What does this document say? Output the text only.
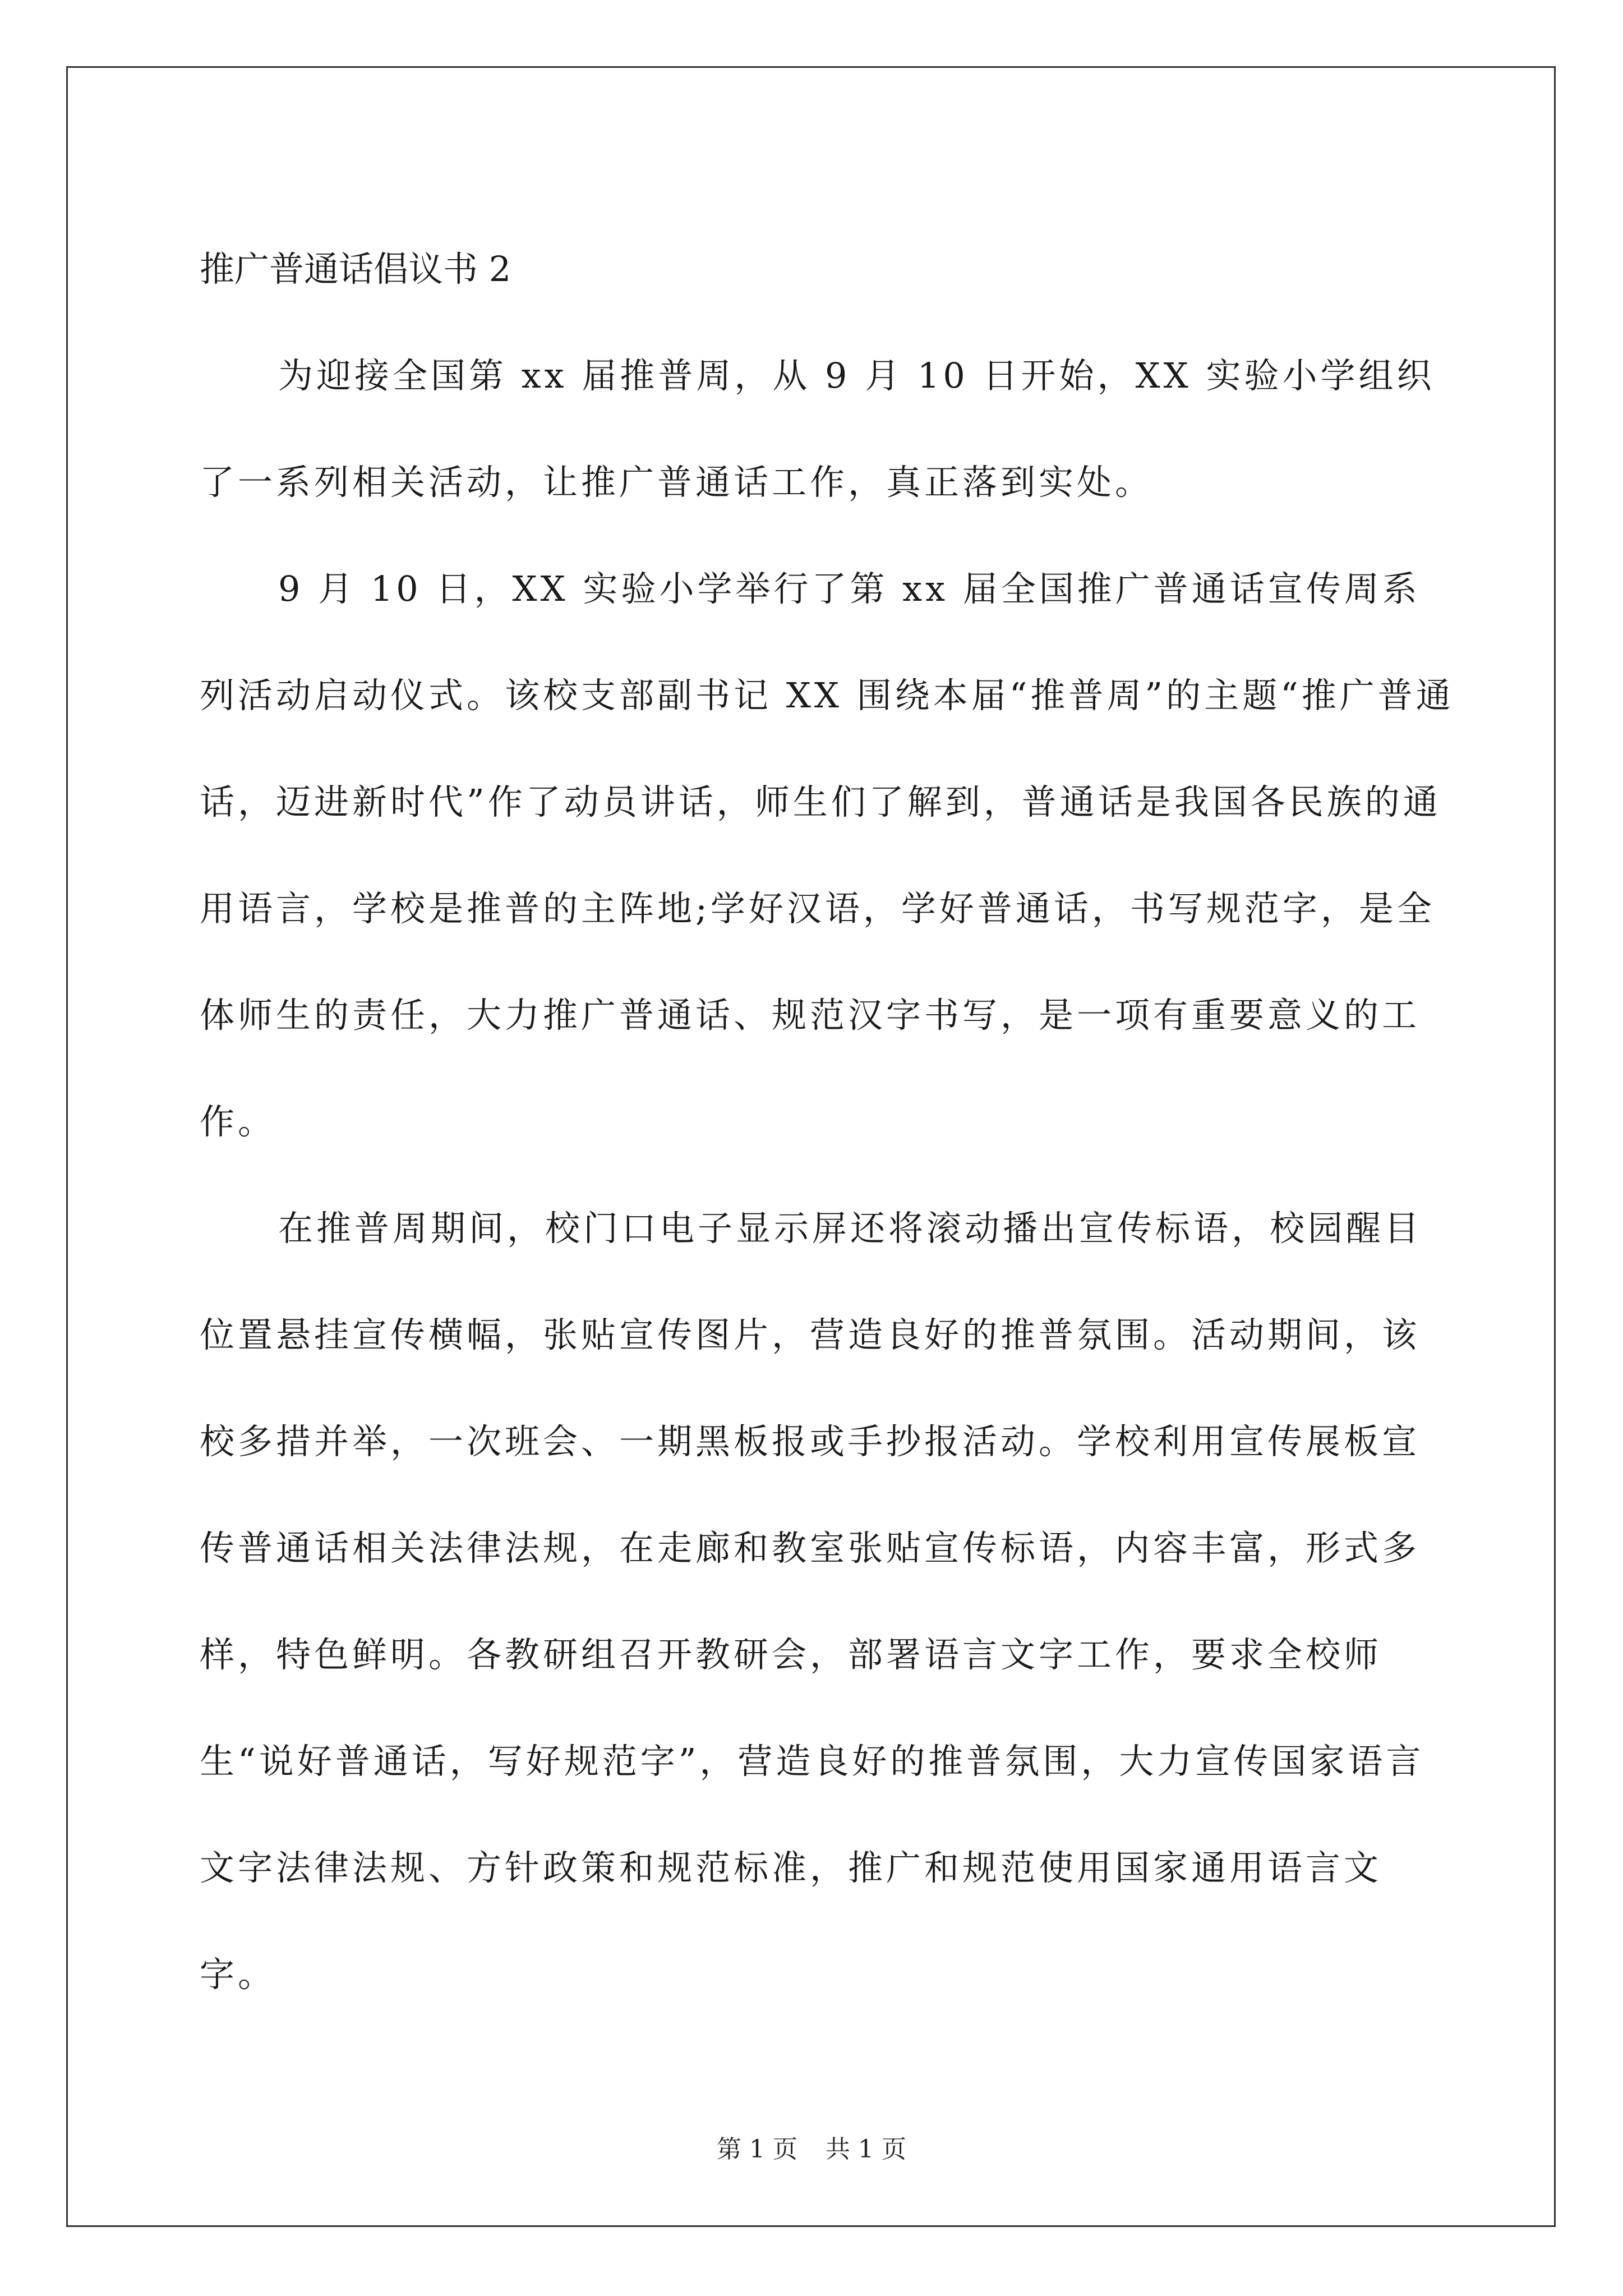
推广普通话倡议书 2

为迎接全国第 xx 届推普周，从 9 月 10 日开始，XX 实验小学组织了一系列相关活动，让推广普通话工作，真正落到实处。

9 月 10 日，XX 实验小学举行了第 xx 届全国推广普通话宣传周系列活动启动仪式。该校支部副书记 XX 围绕本届“推普周”的主题“推广普通话，迈进新时代”作了动员讲话，师生们了解到，普通话是我国各民族的通用语言，学校是推普的主阵地;学好汉语，学好普通话，书写规范字，是全体师生的责任，大力推广普通话、规范汉字书写，是一项有重要意义的工作。

在推普周期间，校门口电子显示屏还将滚动播出宣传标语，校园醒目位置悬挂宣传横幅，张贴宣传图片，营造良好的推普氛围。活动期间，该校多措并举，一次班会、一期黑板报或手抄报活动。学校利用宣传展板宣传普通话相关法律法规，在走廊和教室张贴宣传标语，内容丰富，形式多样，特色鲜明。各教研组召开教研会，部署语言文字工作，要求全校师生“说好普通话，写好规范字”，营造良好的推普氛围，大力宣传国家语言文字法律法规、方针政策和规范标准，推广和规范使用国家通用语言文字。

第 1 页 共 1 页
